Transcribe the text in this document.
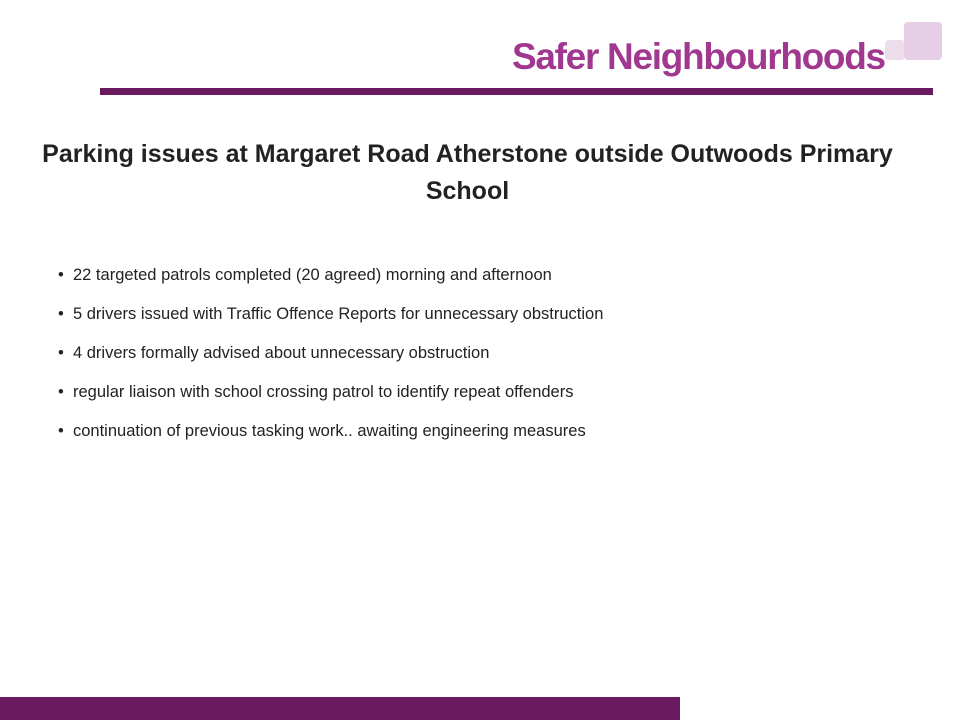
Safer Neighbourhoods
Parking issues at Margaret Road Atherstone outside Outwoods Primary School
• 22 targeted patrols completed (20 agreed) morning and afternoon
• 5 drivers issued with Traffic Offence Reports for unnecessary obstruction
• 4 drivers formally advised about unnecessary obstruction
• regular liaison with school crossing patrol to identify repeat offenders
• continuation of previous tasking work.. awaiting engineering measures
